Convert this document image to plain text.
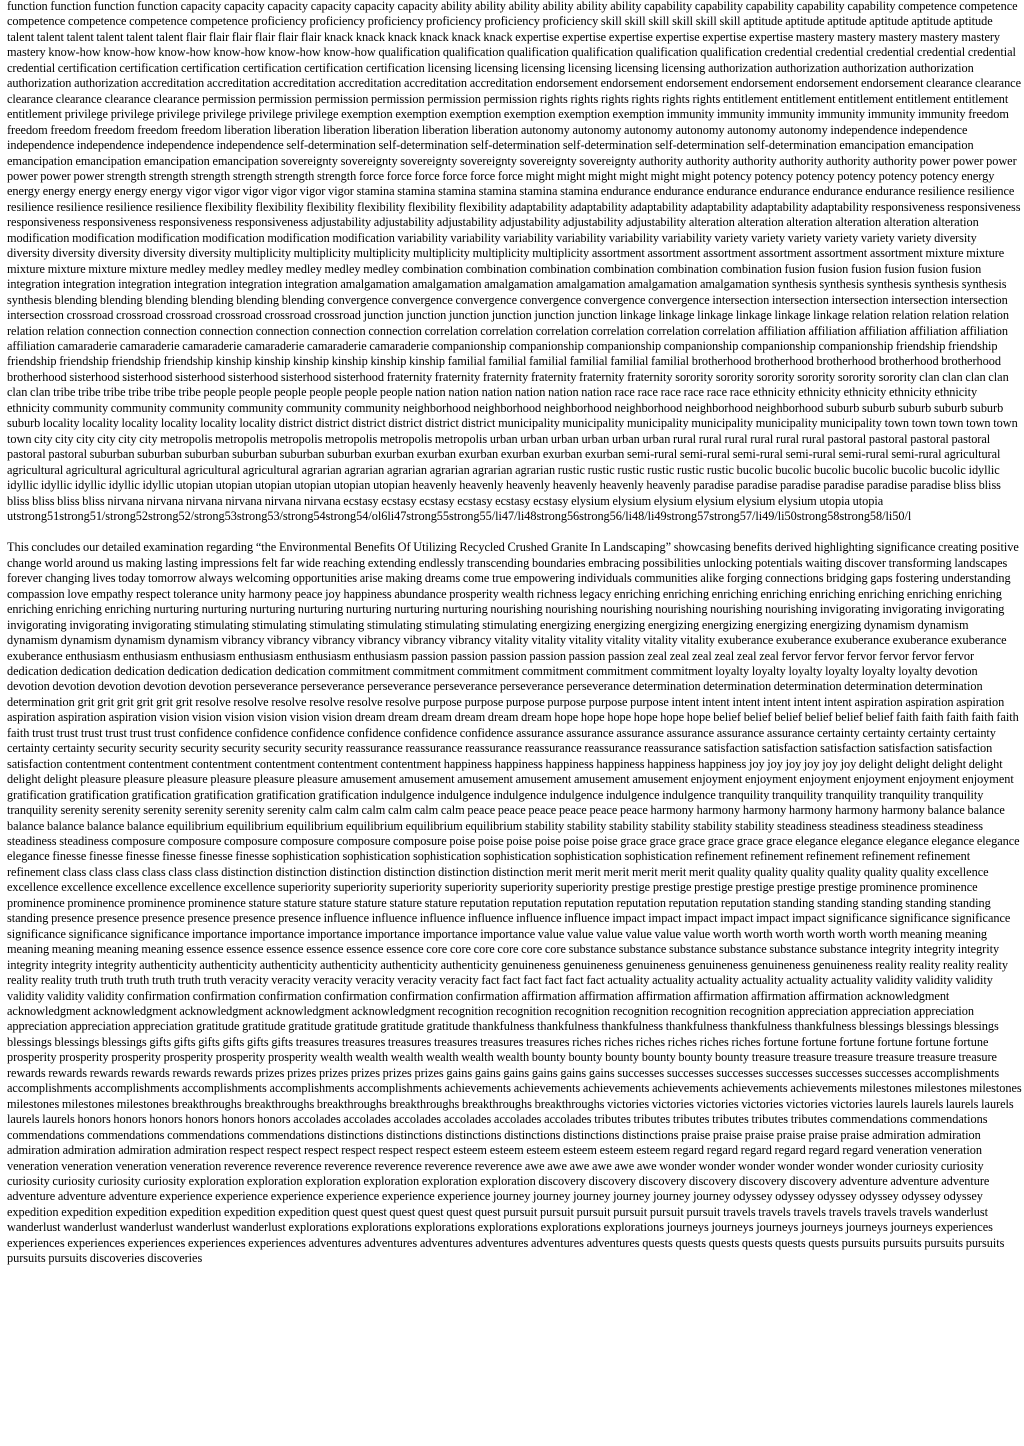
function function function function capacity capacity capacity capacity capacity capacity ability ability ability ability ability ability capability capability capability capability capability competence competence competence competence competence competence proficiency proficiency proficiency proficiency proficiency proficiency skill skill skill skill skill skill aptitude aptitude aptitude aptitude aptitude aptitude talent talent talent talent talent talent flair flair flair flair flair flair knack knack knack knack knack knack expertise expertise expertise expertise expertise expertise mastery mastery mastery mastery mastery mastery know-how know-how know-how know-how know-how know-how qualification qualification qualification qualification qualification qualification credential credential credential credential credential credential certification certification certification certification certification certification licensing licensing licensing licensing licensing licensing authorization authorization authorization authorization authorization authorization accreditation accreditation accreditation accreditation accreditation accreditation endorsement endorsement endorsement endorsement endorsement endorsement clearance clearance clearance clearance clearance clearance permission permission permission permission permission permission rights rights rights rights rights rights entitlement entitlement entitlement entitlement entitlement entitlement privilege privilege privilege privilege privilege privilege exemption exemption exemption exemption exemption exemption immunity immunity immunity immunity immunity immunity freedom freedom freedom freedom freedom freedom liberation liberation liberation liberation liberation liberation autonomy autonomy autonomy autonomy autonomy autonomy independence independence independence independence independence independence self-determination self-determination self-determination self-determination self-determination self-determination emancipation emancipation emancipation emancipation emancipation emancipation sovereignty sovereignty sovereignty sovereignty sovereignty sovereignty authority authority authority authority authority authority power power power power power power strength strength strength strength strength strength force force force force force force might might might might might might potency potency potency potency potency potency energy energy energy energy energy energy vigor vigor vigor vigor vigor vigor stamina stamina stamina stamina stamina stamina endurance endurance endurance endurance endurance endurance resilience resilience resilience resilience resilience resilience flexibility flexibility flexibility flexibility flexibility flexibility adaptability adaptability adaptability adaptability adaptability adaptability responsiveness responsiveness responsiveness responsiveness responsiveness responsiveness adjustability adjustability adjustability adjustability adjustability adjustability alteration alteration alteration alteration alteration alteration modification modification modification modification modification modification variability variability variability variability variability variability variety variety variety variety variety variety diversity diversity diversity diversity diversity diversity multiplicity multiplicity multiplicity multiplicity multiplicity multiplicity assortment assortment assortment assortment assortment assortment mixture mixture mixture mixture mixture mixture medley medley medley medley medley medley combination combination combination combination combination combination fusion fusion fusion fusion fusion fusion integration integration integration integration integration integration amalgamation amalgamation amalgamation amalgamation amalgamation amalgamation synthesis synthesis synthesis synthesis synthesis synthesis blending blending blending blending blending blending convergence convergence convergence convergence convergence convergence intersection intersection intersection intersection intersection intersection crossroad crossroad crossroad crossroad crossroad crossroad junction junction junction junction junction junction linkage linkage linkage linkage linkage linkage relation relation relation relation relation relation connection connection connection connection connection connection correlation correlation correlation correlation correlation correlation affiliation affiliation affiliation affiliation affiliation affiliation camaraderie camaraderie camaraderie camaraderie camaraderie camaraderie companionship companionship companionship companionship companionship companionship friendship friendship friendship friendship friendship friendship kinship kinship kinship kinship kinship kinship familial familial familial familial familial familial brotherhood brotherhood brotherhood brotherhood brotherhood brotherhood sisterhood sisterhood sisterhood sisterhood sisterhood sisterhood fraternity fraternity fraternity fraternity fraternity fraternity sorority sorority sorority sorority sorority sorority clan clan clan clan clan clan tribe tribe tribe tribe tribe tribe people people people people people people nation nation nation nation nation nation race race race race race race ethnicity ethnicity ethnicity ethnicity ethnicity ethnicity community community community community community community neighborhood neighborhood neighborhood neighborhood neighborhood neighborhood suburb suburb suburb suburb suburb suburb locality locality locality locality locality locality district district district district district district municipality municipality municipality municipality municipality municipality town town town town town town city city city city city city metropolis metropolis metropolis metropolis metropolis metropolis urban urban urban urban urban urban rural rural rural rural rural rural pastoral pastoral pastoral pastoral pastoral pastoral suburban suburban suburban suburban suburban suburban exurban exurban exurban exurban exurban exurban semi-rural semi-rural semi-rural semi-rural semi-rural semi-rural agricultural agricultural agricultural agricultural agricultural agricultural agrarian agrarian agrarian agrarian agrarian agrarian rustic rustic rustic rustic rustic rustic bucolic bucolic bucolic bucolic bucolic bucolic idyllic idyllic idyllic idyllic idyllic idyllic utopian utopian utopian utopian utopian utopian heavenly heavenly heavenly heavenly heavenly heavenly paradise paradise paradise paradise paradise paradise bliss bliss bliss bliss bliss bliss nirvana nirvana nirvana nirvana nirvana nirvana ecstasy ecstasy ecstasy ecstasy ecstasy ecstasy elysium elysium elysium elysium elysium elysium utopia utopia

utstrong51strong51/strong52strong52/strong53strong53/strong54strong54/ol6li47strong55strong55/li47/li48strong56strong56/li48/li49strong57strong57/li49/li50strong58strong58/li50/l

This concludes our detailed examination regarding “the Environmental Benefits Of Utilizing Recycled Crushed Granite In Landscaping” showcasing benefits derived highlighting significance creating positive change world around us making lasting impressions felt far wide reaching extending endlessly transcending boundaries embracing possibilities unlocking potentials waiting discover transforming landscapes forever changing lives today tomorrow always welcoming opportunities arise making dreams come true empowering individuals communities alike forging connections bridging gaps fostering understanding compassion love empathy respect tolerance unity harmony peace joy happiness abundance prosperity wealth richness legacy enriching enriching enriching enriching enriching enriching enriching enriching enriching enriching enriching nurturing nurturing nurturing nurturing nurturing nurturing nurturing nourishing nourishing nourishing nourishing nourishing nourishing invigorating invigorating invigorating invigorating invigorating invigorating stimulating stimulating stimulating stimulating stimulating stimulating energizing energizing energizing energizing energizing energizing dynamism dynamism dynamism dynamism dynamism dynamism vibrancy vibrancy vibrancy vibrancy vibrancy vibrancy vitality vitality vitality vitality vitality vitality exuberance exuberance exuberance exuberance exuberance exuberance enthusiasm enthusiasm enthusiasm enthusiasm enthusiasm enthusiasm passion passion passion passion passion passion zeal zeal zeal zeal zeal zeal fervor fervor fervor fervor fervor fervor dedication dedication dedication dedication dedication dedication commitment commitment commitment commitment commitment commitment loyalty loyalty loyalty loyalty loyalty loyalty devotion devotion devotion devotion devotion devotion perseverance perseverance perseverance perseverance perseverance perseverance determination determination determination determination determination determination grit grit grit grit grit grit resolve resolve resolve resolve resolve resolve purpose purpose purpose purpose purpose purpose intent intent intent intent intent intent aspiration aspiration aspiration aspiration aspiration aspiration vision vision vision vision vision vision dream dream dream dream dream dream hope hope hope hope hope hope belief belief belief belief belief belief faith faith faith faith faith faith trust trust trust trust trust trust confidence confidence confidence confidence confidence confidence assurance assurance assurance assurance assurance assurance certainty certainty certainty certainty certainty certainty security security security security security security reassurance reassurance reassurance reassurance reassurance reassurance satisfaction satisfaction satisfaction satisfaction satisfaction satisfaction contentment contentment contentment contentment contentment contentment happiness happiness happiness happiness happiness happiness joy joy joy joy joy joy delight delight delight delight delight delight pleasure pleasure pleasure pleasure pleasure pleasure amusement amusement amusement amusement amusement amusement enjoyment enjoyment enjoyment enjoyment enjoyment enjoyment gratification gratification gratification gratification gratification gratification indulgence indulgence indulgence indulgence indulgence indulgence tranquility tranquility tranquility tranquility tranquility tranquility serenity serenity serenity serenity serenity serenity calm calm calm calm calm calm peace peace peace peace peace peace harmony harmony harmony harmony harmony harmony balance balance balance balance balance balance equilibrium equilibrium equilibrium equilibrium equilibrium equilibrium stability stability stability stability stability stability steadiness steadiness steadiness steadiness steadiness steadiness composure composure composure composure composure composure poise poise poise poise poise poise grace grace grace grace grace grace elegance elegance elegance elegance elegance elegance finesse finesse finesse finesse finesse finesse sophistication sophistication sophistication sophistication sophistication sophistication refinement refinement refinement refinement refinement refinement class class class class class class distinction distinction distinction distinction distinction distinction merit merit merit merit merit merit quality quality quality quality quality quality excellence excellence excellence excellence excellence excellence superiority superiority superiority superiority superiority superiority prestige prestige prestige prestige prestige prestige prominence prominence prominence prominence prominence prominence stature stature stature stature stature stature reputation reputation reputation reputation reputation reputation standing standing standing standing standing standing presence presence presence presence presence presence influence influence influence influence influence influence impact impact impact impact impact impact significance significance significance significance significance significance importance importance importance importance importance importance value value value value value value worth worth worth worth worth worth meaning meaning meaning meaning meaning meaning essence essence essence essence essence essence core core core core core core substance substance substance substance substance substance integrity integrity integrity integrity integrity integrity authenticity authenticity authenticity authenticity authenticity authenticity genuineness genuineness genuineness genuineness genuineness genuineness reality reality reality reality reality reality truth truth truth truth truth truth veracity veracity veracity veracity veracity veracity fact fact fact fact fact fact actuality actuality actuality actuality actuality actuality validity validity validity validity validity validity confirmation confirmation confirmation confirmation confirmation confirmation affirmation affirmation affirmation affirmation affirmation affirmation acknowledgment acknowledgment acknowledgment acknowledgment acknowledgment acknowledgment recognition recognition recognition recognition recognition recognition appreciation appreciation appreciation appreciation appreciation appreciation gratitude gratitude gratitude gratitude gratitude gratitude thankfulness thankfulness thankfulness thankfulness thankfulness thankfulness blessings blessings blessings blessings blessings blessings gifts gifts gifts gifts gifts gifts treasures treasures treasures treasures treasures treasures riches riches riches riches riches riches fortune fortune fortune fortune fortune fortune prosperity prosperity prosperity prosperity prosperity prosperity wealth wealth wealth wealth wealth wealth bounty bounty bounty bounty bounty bounty treasure treasure treasure treasure treasure treasure rewards rewards rewards rewards rewards rewards prizes prizes prizes prizes prizes prizes gains gains gains gains gains gains successes successes successes successes successes successes accomplishments accomplishments accomplishments accomplishments accomplishments accomplishments achievements achievements achievements achievements achievements achievements milestones milestones milestones milestones milestones milestones breakthroughs breakthroughs breakthroughs breakthroughs breakthroughs breakthroughs victories victories victories victories victories victories laurels laurels laurels laurels laurels laurels honors honors honors honors honors honors accolades accolades accolades accolades accolades accolades tributes tributes tributes tributes tributes tributes commendations commendations commendations commendations commendations commendations distinctions distinctions distinctions distinctions distinctions distinctions praise praise praise praise praise praise admiration admiration admiration admiration admiration admiration respect respect respect respect respect respect esteem esteem esteem esteem esteem esteem regard regard regard regard regard regard veneration veneration veneration veneration veneration veneration reverence reverence reverence reverence reverence reverence awe awe awe awe awe awe wonder wonder wonder wonder wonder wonder curiosity curiosity curiosity curiosity curiosity curiosity exploration exploration exploration exploration exploration exploration discovery discovery discovery discovery discovery discovery adventure adventure adventure adventure adventure adventure experience experience experience experience experience experience journey journey journey journey journey journey odyssey odyssey odyssey odyssey odyssey odyssey expedition expedition expedition expedition expedition expedition quest quest quest quest quest quest pursuit pursuit pursuit pursuit pursuit pursuit travels travels travels travels travels travels wanderlust wanderlust wanderlust wanderlust wanderlust wanderlust explorations explorations explorations explorations explorations explorations journeys journeys journeys journeys journeys journeys experiences experiences experiences experiences experiences experiences adventures adventures adventures adventures adventures adventures quests quests quests quests quests quests pursuits pursuits pursuits pursuits pursuits pursuits discoveries discoveries
